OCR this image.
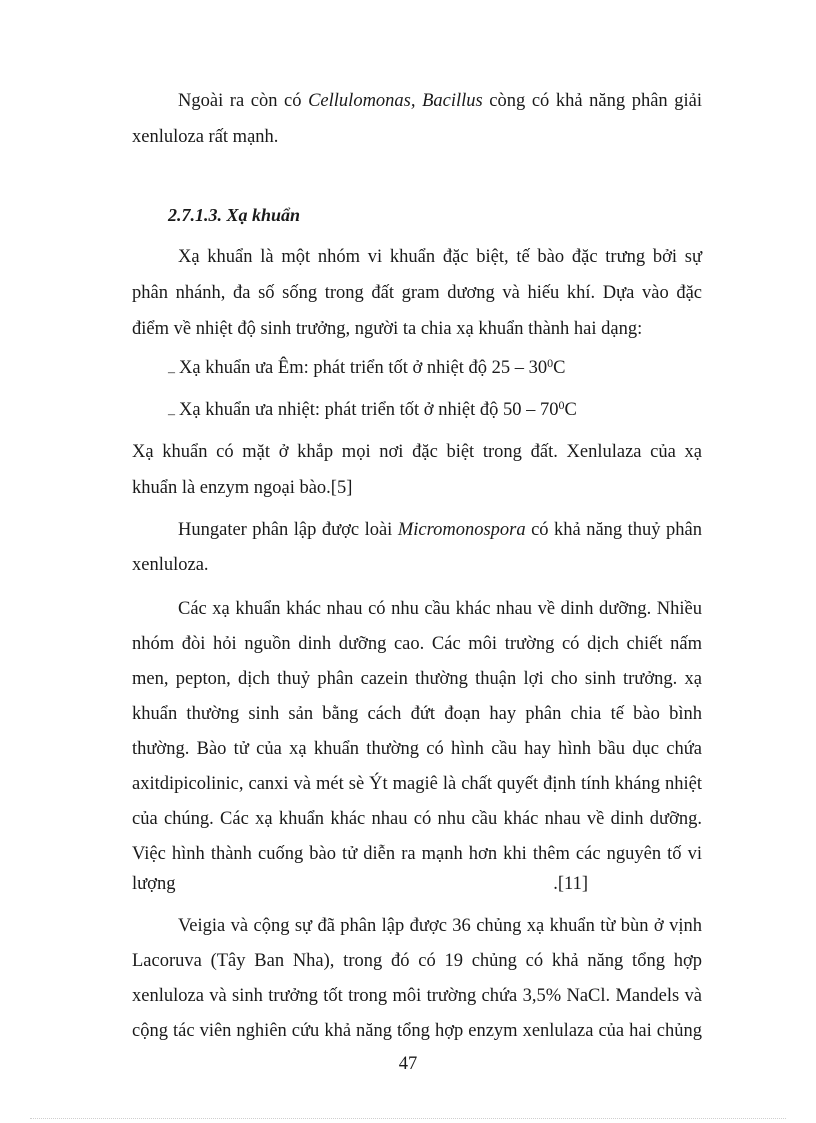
Ngoài ra còn có Cellulomonas, Bacillus còng có khả năng phân giải
xenluloza rất mạnh.
2.7.1.3. Xạ khuẩn
Xạ khuẩn là một nhóm vi khuẩn đặc biệt, tế bào đặc trưng bởi sự
phân nhánh, đa số sống trong đất gram dương và hiếu khí. Dựa vào đặc
điểm về nhiệt độ sinh trưởng, người ta chia xạ khuẩn thành hai dạng:
– Xạ khuẩn ưa Êm: phát triển tốt ở nhiệt độ $25 - 30^0C$
– Xạ khuẩn ưa nhiệt: phát triển tốt ở nhiệt độ $50 - 70^0C$
Xạ khuẩn có mặt ở khắp mọi nơi đặc biệt trong đất. Xenlulaza của xạ
khuẩn là enzym ngoại bào.[5]
Hungater phân lập được loài Micromonospora có khả năng thuỷ phân
xenluloza.
Các xạ khuẩn khác nhau có nhu cầu khác nhau về dinh dưỡng. Nhiều
nhóm đòi hỏi nguồn dinh dưỡng cao. Các môi trường có dịch chiết nấm
men, pepton, dịch thuỷ phân cazein thường thuận lợi cho sinh trưởng. xạ
khuẩn thường sinh sản bằng cách đứt đoạn hay phân chia tế bào bình
thường. Bào tử của xạ khuẩn thường có hình cầu hay hình bầu dục chứa
axitdipicolinic, canxi và mét sè Ýt magiê là chất quyết định tính kháng nhiệt
của chúng. Các xạ khuẩn khác nhau có nhu cầu khác nhau về dinh dưỡng.
Việc hình thành cuống bào tử diễn ra mạnh hơn khi thêm các nguyên tố vi
lượng	.[11]
Veigia và cộng sự đã phân lập được 36 chủng xạ khuẩn từ bùn ở vịnh
Lacoruva (Tây Ban Nha), trong đó có 19 chủng có khả năng tổng hợp
xenluloza và sinh trưởng tốt trong môi trường chứa 3,5% NaCl. Mandels và
cộng tác viên nghiên cứu khả năng tổng hợp enzym xenlulaza của hai chủng
47
